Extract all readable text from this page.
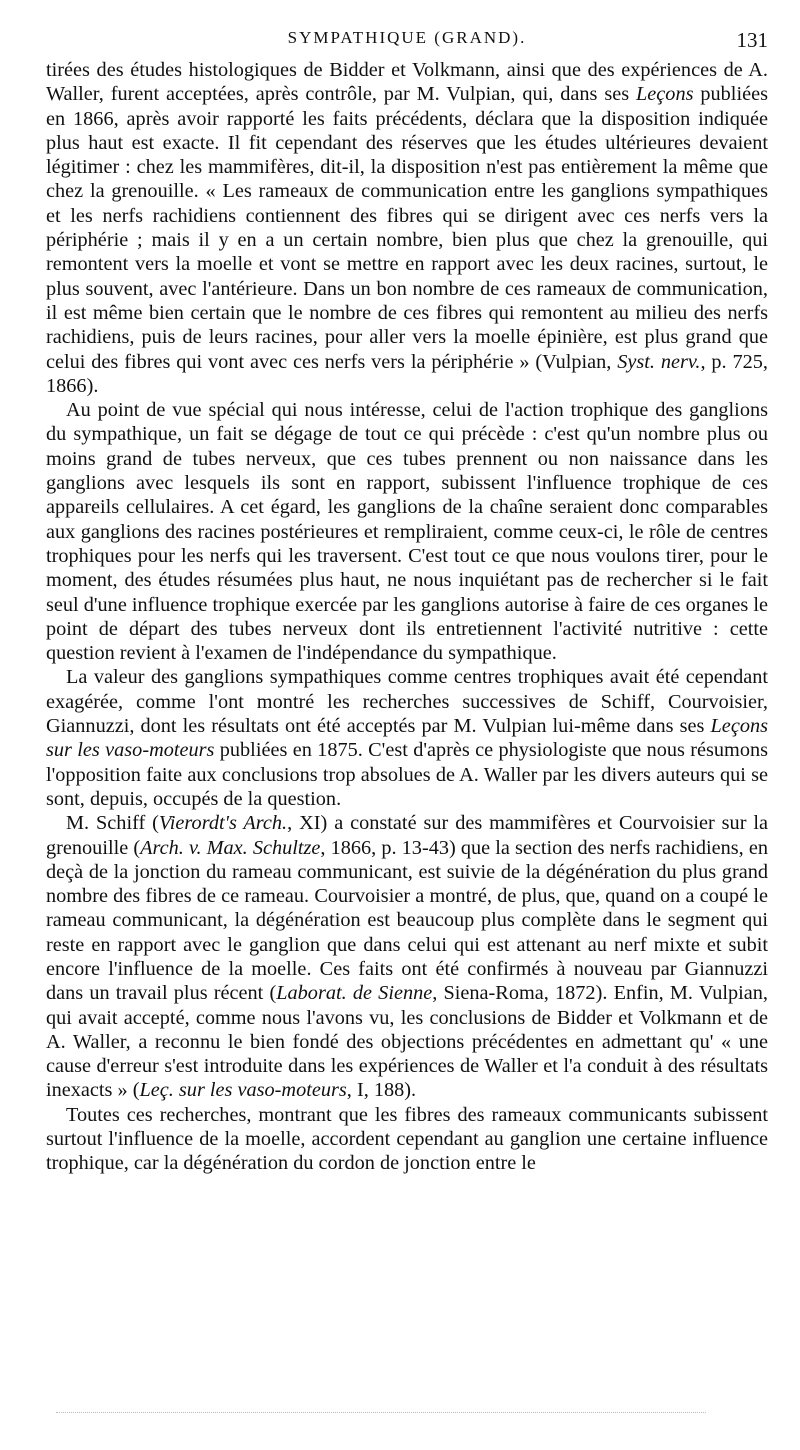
SYMPATHIQUE (GRAND).	131

tirées des études histologiques de Bidder et Volkmann, ainsi que des expériences de A. Waller, furent acceptées, après contrôle, par M. Vulpian, qui, dans ses Leçons publiées en 1866, après avoir rapporté les faits précédents, déclara que la disposition indiquée plus haut est exacte. Il fit cependant des réserves que les études ultérieures devaient légitimer : chez les mammifères, dit-il, la disposition n'est pas entièrement la même que chez la grenouille. « Les rameaux de communication entre les ganglions sympathiques et les nerfs rachidiens contiennent des fibres qui se dirigent avec ces nerfs vers la périphérie ; mais il y en a un certain nombre, bien plus que chez la grenouille, qui remontent vers la moelle et vont se mettre en rapport avec les deux racines, surtout, le plus souvent, avec l'antérieure. Dans un bon nombre de ces rameaux de communication, il est même bien certain que le nombre de ces fibres qui remontent au milieu des nerfs rachidiens, puis de leurs racines, pour aller vers la moelle épinière, est plus grand que celui des fibres qui vont avec ces nerfs vers la périphérie » (Vulpian, Syst. nerv., p. 725, 1866).

Au point de vue spécial qui nous intéresse, celui de l'action trophique des ganglions du sympathique, un fait se dégage de tout ce qui précède : c'est qu'un nombre plus ou moins grand de tubes nerveux, que ces tubes prennent ou non naissance dans les ganglions avec lesquels ils sont en rapport, subissent l'influence trophique de ces appareils cellulaires. A cet égard, les ganglions de la chaîne seraient donc comparables aux ganglions des racines postérieures et rempliraient, comme ceux-ci, le rôle de centres trophiques pour les nerfs qui les traversent. C'est tout ce que nous voulons tirer, pour le moment, des études résumées plus haut, ne nous inquiétant pas de rechercher si le fait seul d'une influence trophique exercée par les ganglions autorise à faire de ces organes le point de départ des tubes nerveux dont ils entretiennent l'activité nutritive : cette question revient à l'examen de l'indépendance du sympathique.

La valeur des ganglions sympathiques comme centres trophiques avait été cependant exagérée, comme l'ont montré les recherches successives de Schiff, Courvoisier, Giannuzzi, dont les résultats ont été acceptés par M. Vulpian lui-même dans ses Leçons sur les vaso-moteurs publiées en 1875. C'est d'après ce physiologiste que nous résumons l'opposition faite aux conclusions trop absolues de A. Waller par les divers auteurs qui se sont, depuis, occupés de la question.

M. Schiff (Vierordt's Arch., XI) a constaté sur des mammifères et Courvoisier sur la grenouille (Arch. v. Max. Schultze, 1866, p. 13-43) que la section des nerfs rachidiens, en deçà de la jonction du rameau communicant, est suivie de la dégénération du plus grand nombre des fibres de ce rameau. Courvoisier a montré, de plus, que, quand on a coupé le rameau communicant, la dégénération est beaucoup plus complète dans le segment qui reste en rapport avec le ganglion que dans celui qui est attenant au nerf mixte et subit encore l'influence de la moelle. Ces faits ont été confirmés à nouveau par Giannuzzi dans un travail plus récent (Laborat. de Sienne, Siena-Roma, 1872). Enfin, M. Vulpian, qui avait accepté, comme nous l'avons vu, les conclusions de Bidder et Volkmann et de A. Waller, a reconnu le bien fondé des objections précédentes en admettant qu' « une cause d'erreur s'est introduite dans les expériences de Waller et l'a conduit à des résultats inexacts » (Leç. sur les vaso-moteurs, I, 188).

Toutes ces recherches, montrant que les fibres des rameaux communicants subissent surtout l'influence de la moelle, accordent cependant au ganglion une certaine influence trophique, car la dégénération du cordon de jonction entre le
